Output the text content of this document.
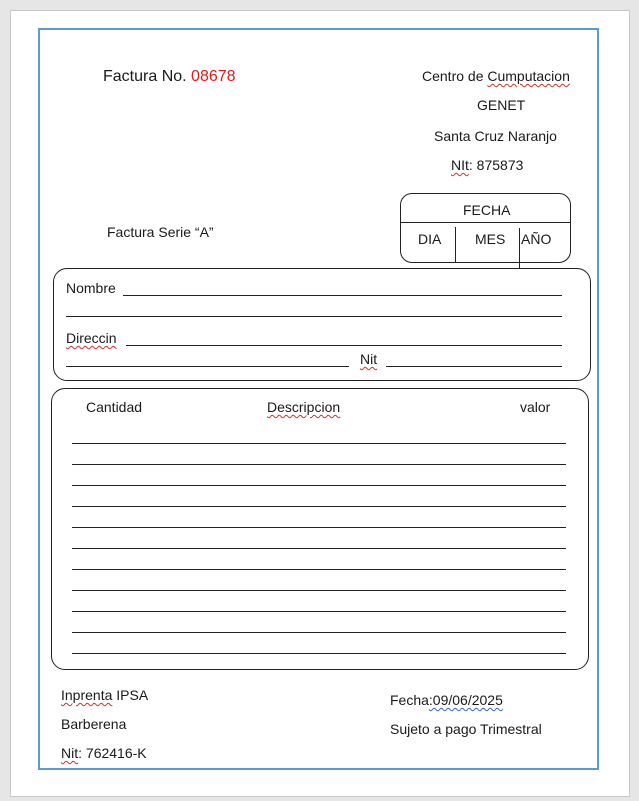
Factura No. 08678
Factura Serie “A”
Centro de Cumputacion
GENET
Santa Cruz Naranjo
NIt: 875873
FECHA
DIA MES AÑO
Nombre
Direccin
Nit
Cantidad	Descripcion	valor
Inprenta IPSA
Barberena
Nit: 762416-K
Fecha:09/06/2025
Sujeto a pago Trimestral
